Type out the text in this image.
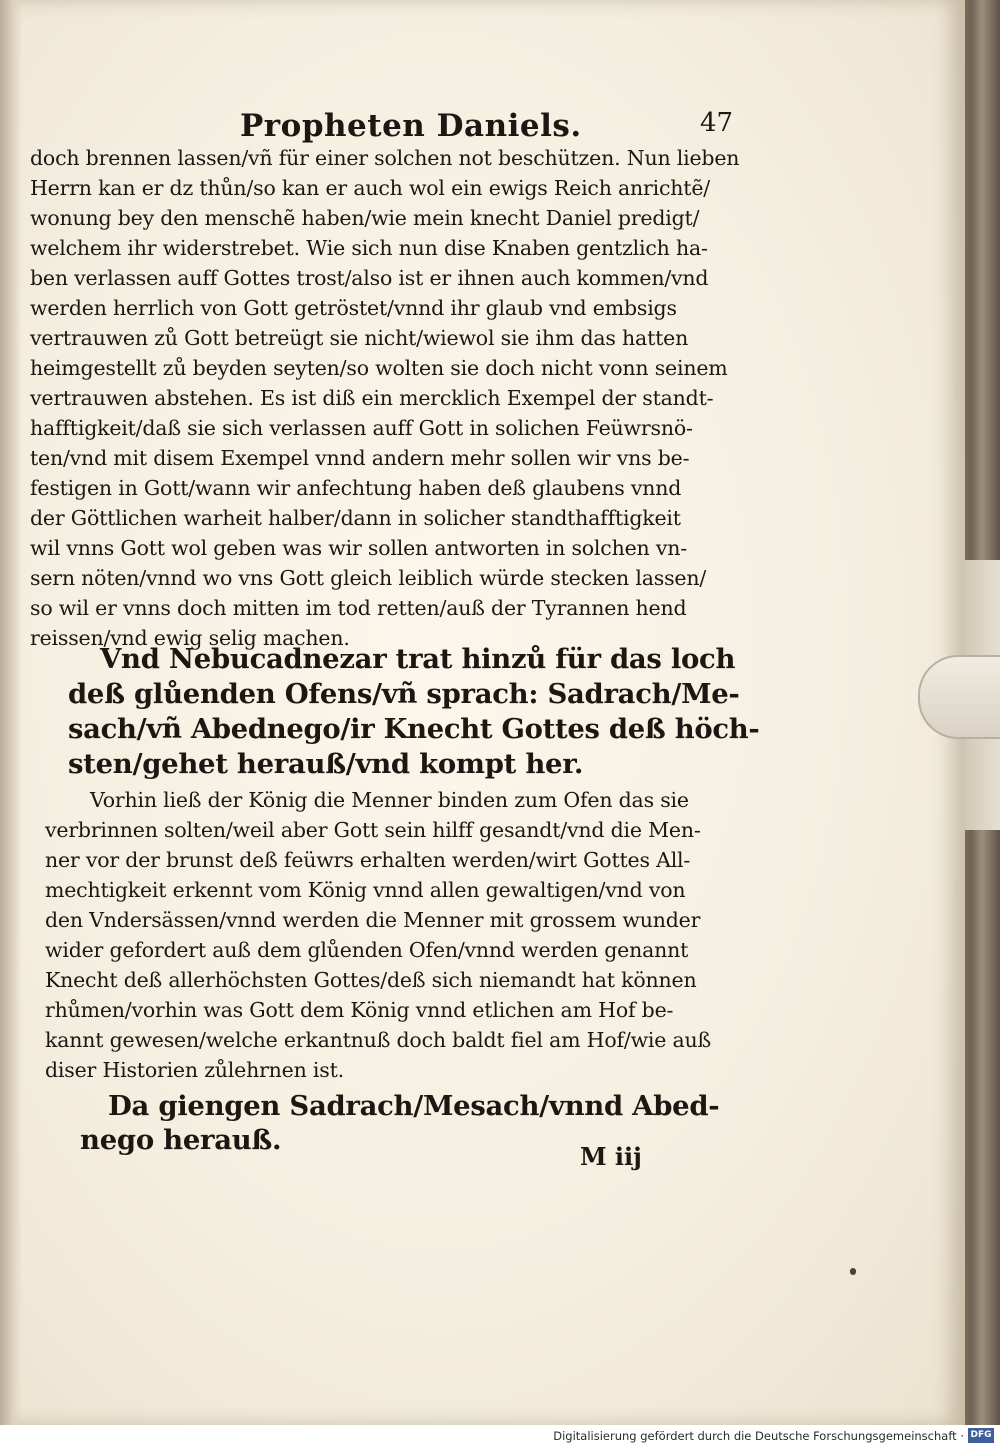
Propheten Daniels.	47
doch brennen lassen/vñ für einer solchen not beschützen. Nun lieben
Herrn kan er dz thůn/so kan er auch wol ein ewigs Reich anrichtẽ/
wonung bey den menschẽ haben/wie mein knecht Daniel predigt/
welchem ihr widerstrebet. Wie sich nun dise Knaben gentzlich ha-
ben verlassen auff Gottes trost/also ist er ihnen auch kommen/vnd
werden herrlich von Gott getröstet/vnnd ihr glaub vnd embsigs
vertrauwen zů Gott betreügt sie nicht/wiewol sie ihm das hatten
heimgestellt zů beyden seyten/so wolten sie doch nicht vonn seinem
vertrauwen abstehen. Es ist diß ein mercklich Exempel der standt-
hafftigkeit/daß sie sich verlassen auff Gott in solichen Feüwrsnö-
ten/vnd mit disem Exempel vnnd andern mehr sollen wir vns be-
festigen in Gott/wann wir anfechtung haben deß glaubens vnnd
der Göttlichen warheit halber/dann in solicher standthafftigkeit
wil vnns Gott wol geben was wir sollen antworten in solchen vn-
sern nöten/vnnd wo vns Gott gleich leiblich würde stecken lassen/
so wil er vnns doch mitten im tod retten/auß der Tyrannen hend
reissen/vnd ewig selig machen.
Vnd Nebucadnezar trat hinzů für das loch
deß glůenden Ofens/vñ sprach: Sadrach/Me-
sach/vñ Abednego/ir Knecht Gottes deß höch-
sten/gehet herauß/vnd kompt her.
Vorhin ließ der König die Menner binden zum Ofen das sie
verbrinnen solten/weil aber Gott sein hilff gesandt/vnd die Men-
ner vor der brunst deß feüwrs erhalten werden/wirt Gottes All-
mechtigkeit erkennt vom König vnnd allen gewaltigen/vnd von
den Vndersässen/vnnd werden die Menner mit grossem wunder
wider gefordert auß dem glůenden Ofen/vnnd werden genannt
Knecht deß allerhöchsten Gottes/deß sich niemandt hat können
rhůmen/vorhin was Gott dem König vnnd etlichen am Hof be-
kannt gewesen/welche erkantnuß doch baldt fiel am Hof/wie auß
diser Historien zůlehrnen ist.
Da giengen Sadrach/Mesach/vnnd Abed-
nego herauß.
M iij
Digitalisierung gefördert durch die Deutsche Forschungsgemeinschaft · DFG
